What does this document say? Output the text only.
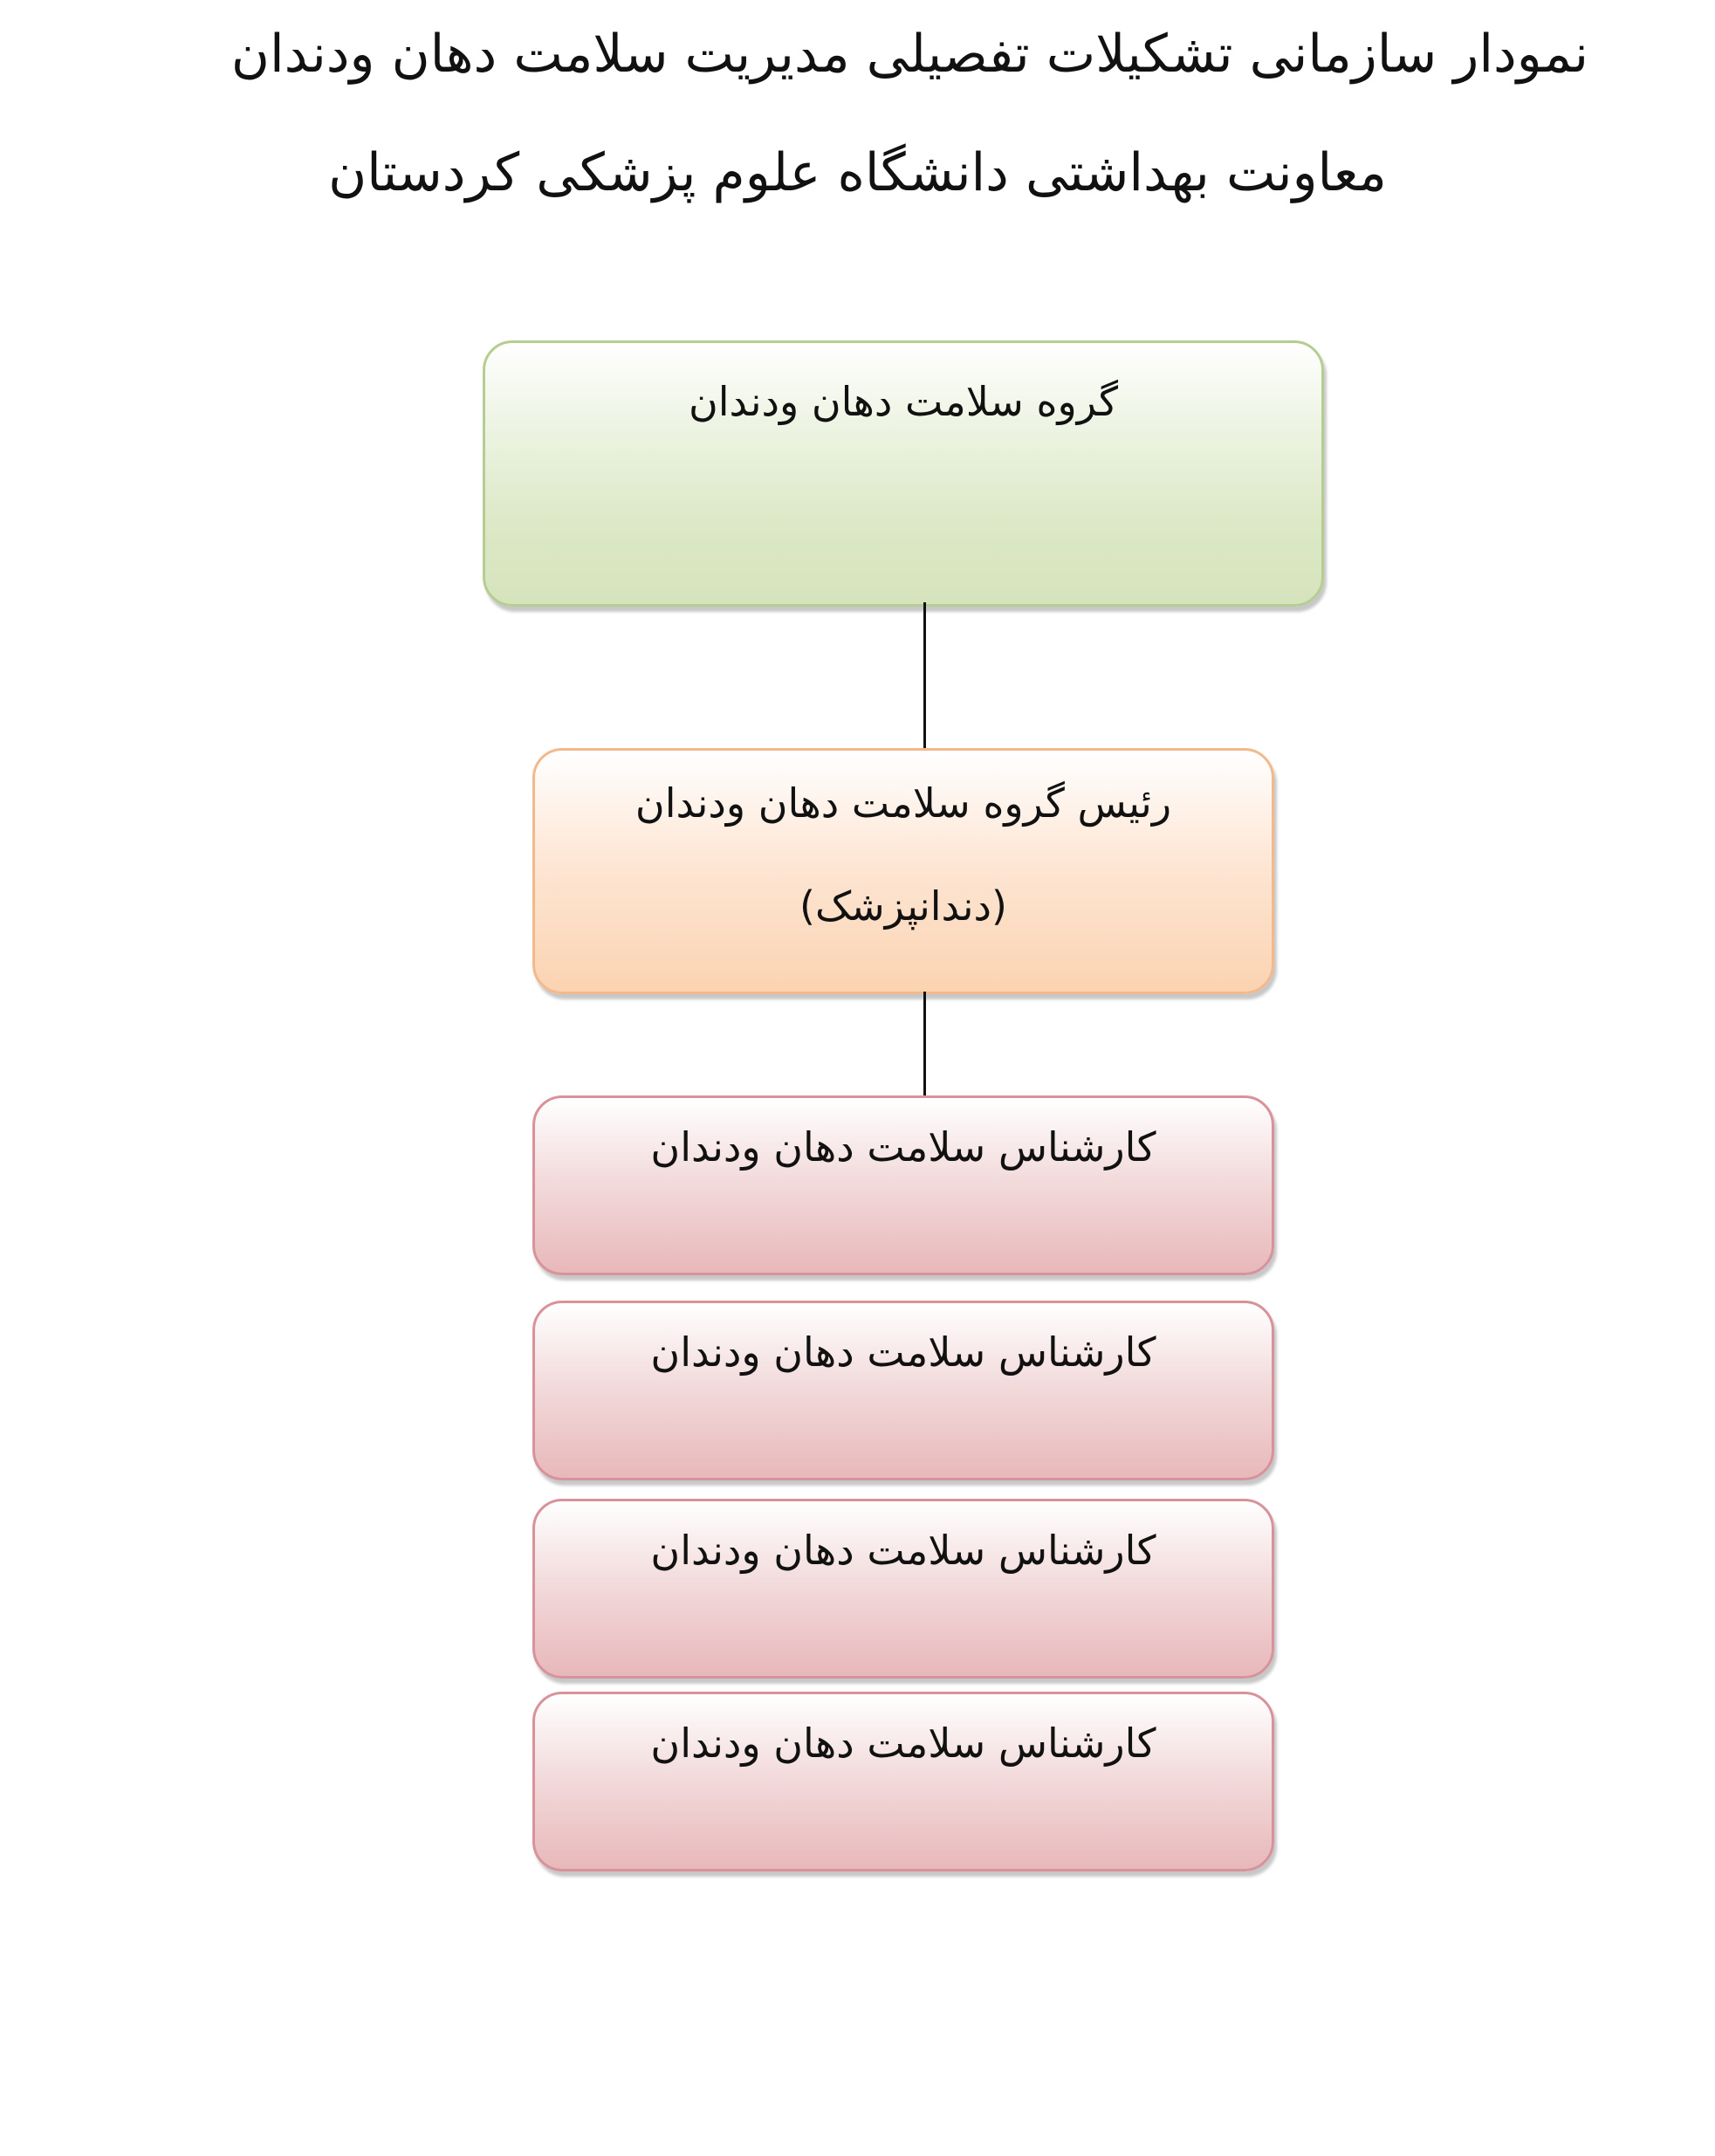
نمودار سازمانی تشکیلات تفصیلی مدیریت سلامت دهان ودندان
معاونت بهداشتی دانشگاه علوم پزشکی کردستان
گروه سلامت دهان ودندان
رئیس گروه سلامت دهان ودندان
(دندانپزشک)
کارشناس سلامت دهان ودندان
کارشناس سلامت دهان ودندان
کارشناس سلامت دهان ودندان
کارشناس سلامت دهان ودندان
